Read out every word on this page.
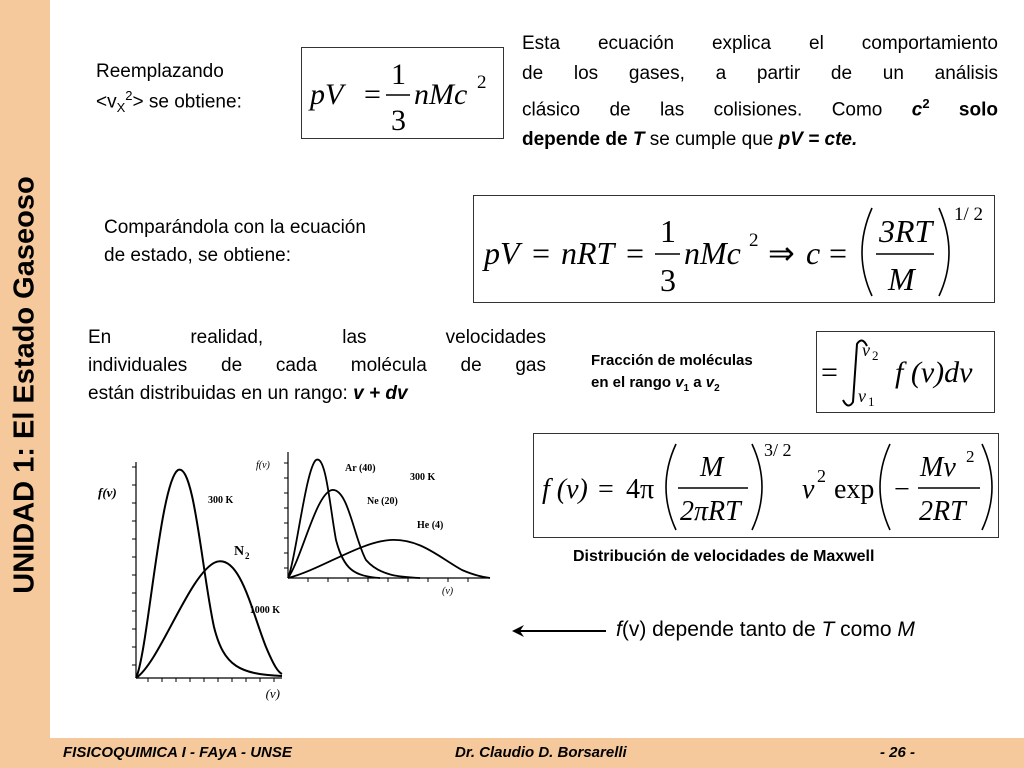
UNIDAD 1: El Estado Gaseoso
Reemplazando
$<v_X^2>$ se obtiene:	pV =
1
3
nMc 2
Esta ecuación explica el comportamiento
de los gases, a partir de un análisis
clásico de las colisiones. Como $c^2$ solo
depende de T se cumple que pV = cte.
Comparándola con la ecuación
de estado, se obtiene:	pV = nRT =
1
3
nMc 2 ⇒ c =
3RT
M
1/ 2
En	realidad,	las	velocidades
individuales de cada molécula de gas
están distribuidas en un rango: v + dv
Fracción de moléculas
en el rango $v_1$ a $v_2$	=
v 2
v 1
f (v)dv
f (v) = 4π
M
2πRT
3/ 2
v 2 exp −
Mv 2
2RT
Distribución de velocidades de Maxwell
f(v)
300 K
N 2
1000 K
(v)
f(v)	Ar (40)
300 K
Ne (20)
He (4)
(v)
f(v) depende tanto de T como M
FISICOQUIMICA I - FAyA - UNSE	Dr. Claudio D. Borsarelli	- 26 -
